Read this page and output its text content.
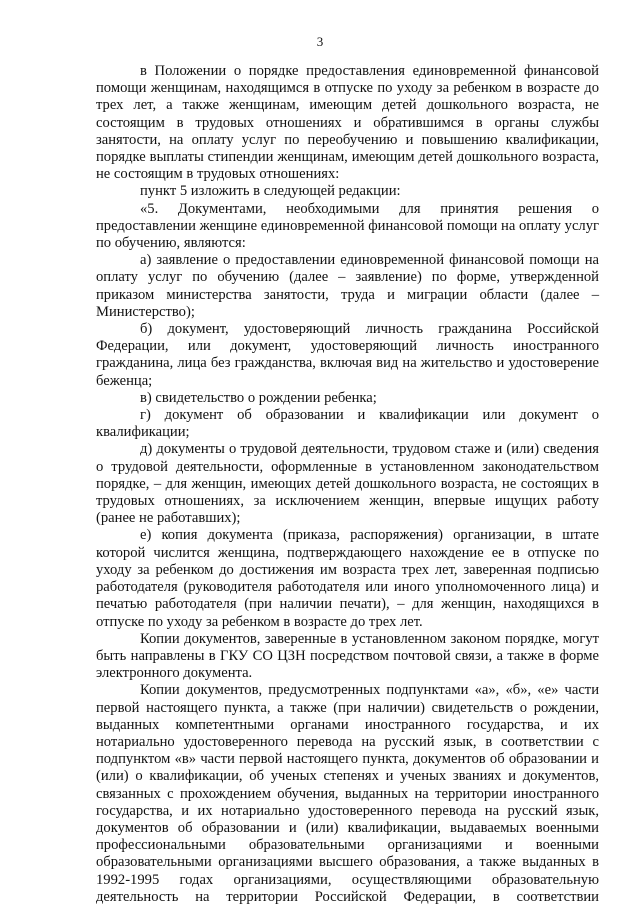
3

в Положении о порядке предоставления единовременной финансовой помощи женщинам, находящимся в отпуске по уходу за ребенком в возрасте до трех лет, а также женщинам, имеющим детей дошкольного возраста, не состоящим в трудовых отношениях и обратившимся в органы службы занятости, на оплату услуг по переобучению и повышению квалификации, порядке выплаты стипендии женщинам, имеющим детей дошкольного возраста, не состоящим в трудовых отношениях:

пункт 5 изложить в следующей редакции:

«5. Документами, необходимыми для принятия решения о предоставлении женщине единовременной финансовой помощи на оплату услуг по обучению, являются:

а) заявление о предоставлении единовременной финансовой помощи на оплату услуг по обучению (далее – заявление) по форме, утвержденной приказом министерства занятости, труда и миграции области (далее – Министерство);

б) документ, удостоверяющий личность гражданина Российской Федерации, или документ, удостоверяющий личность иностранного гражданина, лица без гражданства, включая вид на жительство и удостоверение беженца;

в) свидетельство о рождении ребенка;

г) документ об образовании и квалификации или документ о квалификации;

д) документы о трудовой деятельности, трудовом стаже и (или) сведения о трудовой деятельности, оформленные в установленном законодательством порядке, – для женщин, имеющих детей дошкольного возраста, не состоящих в трудовых отношениях, за исключением женщин, впервые ищущих работу (ранее не работавших);

е) копия документа (приказа, распоряжения) организации, в штате которой числится женщина, подтверждающего нахождение ее в отпуске по уходу за ребенком до достижения им возраста трех лет, заверенная подписью работодателя (руководителя работодателя или иного уполномоченного лица) и печатью работодателя (при наличии печати), – для женщин, находящихся в отпуске по уходу за ребенком в возрасте до трех лет.

Копии документов, заверенные в установленном законом порядке, могут быть направлены в ГКУ СО ЦЗН посредством почтовой связи, а также в форме электронного документа.

Копии документов, предусмотренных подпунктами «а», «б», «е» части первой настоящего пункта, а также (при наличии) свидетельств о рождении, выданных компетентными органами иностранного государства, и их нотариально удостоверенного перевода на русский язык, в соответствии с подпунктом «в» части первой настоящего пункта, документов об образовании и (или) о квалификации, об ученых степенях и ученых званиях и документов, связанных с прохождением обучения, выданных на территории иностранного государства, и их нотариально удостоверенного перевода на русский язык, документов об образовании и (или) квалификации, выдаваемых военными профессиональными образовательными организациями и военными образовательными организациями высшего образования, а также выданных в 1992-1995 годах организациями, осуществляющими образовательную деятельность на территории Российской Федерации, в соответствии
